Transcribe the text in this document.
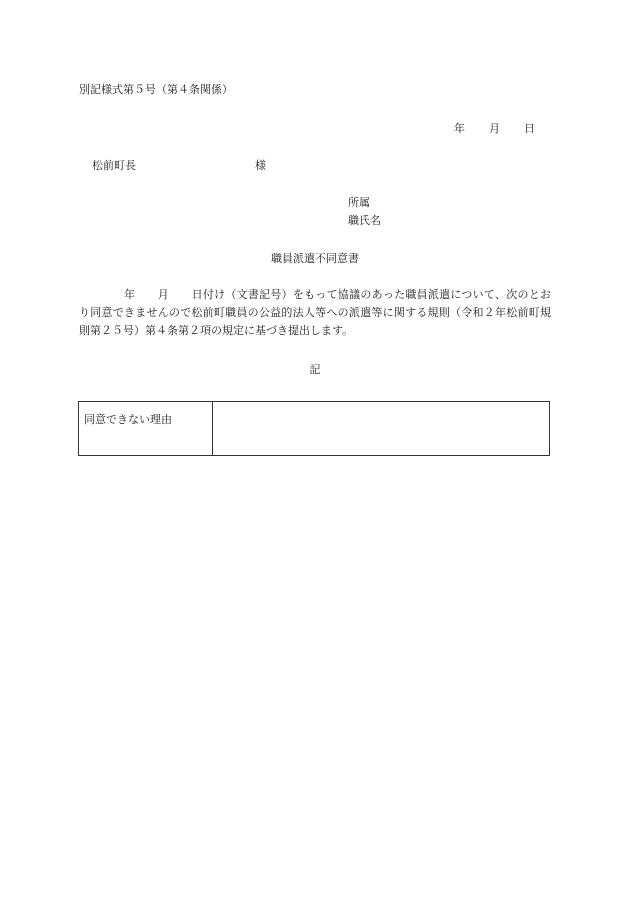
別記様式第５号（第４条関係）
年 月 日
松前町長	様
所属
職氏名
職員派遣不同意書
　　　　年　　月　　日付け（文書記号）をもって協議のあった職員派遣について、次のとおり同意できませんので松前町職員の公益的法人等への派遣等に関する規則（令和２年松前町規則第２５号）第４条第２項の規定に基づき提出します。
記
同意できない理由
